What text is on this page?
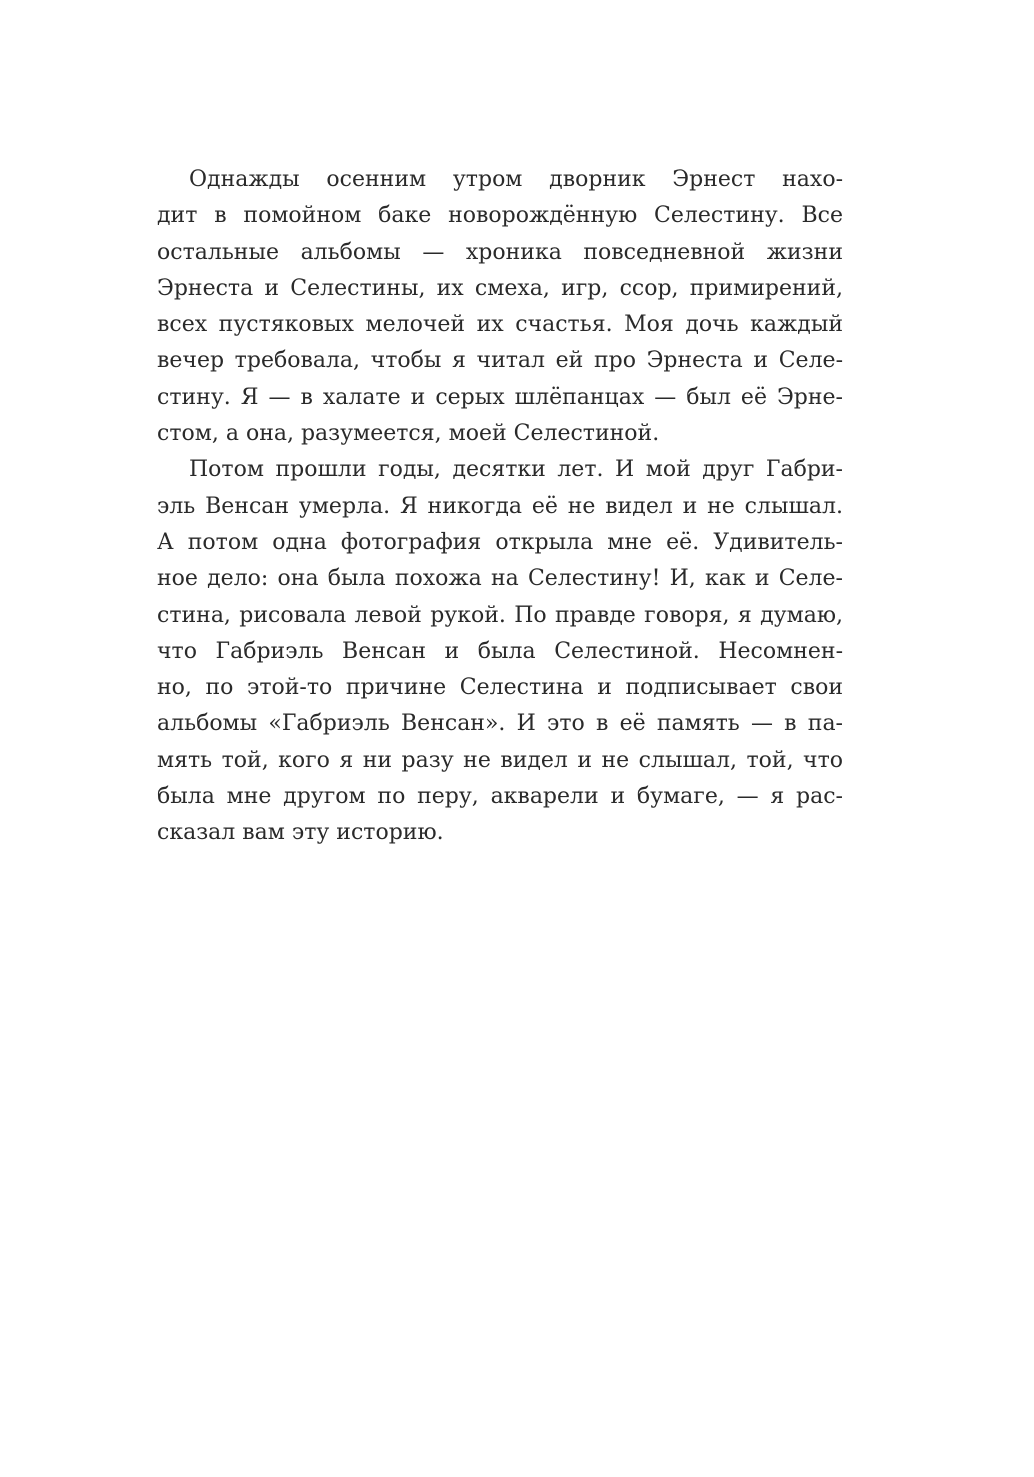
Однажды осенним утром дворник Эрнест нахо-
дит в помойном баке новорождённую Селестину. Все
остальные альбомы — хроника повседневной жизни
Эрнеста и Селестины, их смеха, игр, ссор, примирений,
всех пустяковых мелочей их счастья. Моя дочь каждый
вечер требовала, чтобы я читал ей про Эрнеста и Селе-
стину. Я — в халате и серых шлёпанцах — был её Эрне-
стом, а она, разумеется, моей Селестиной.
Потом прошли годы, десятки лет. И мой друг Габри-
эль Венсан умерла. Я никогда её не видел и не слышал.
А потом одна фотография открыла мне её. Удивитель-
ное дело: она была похожа на Селестину! И, как и Селе-
стина, рисовала левой рукой. По правде говоря, я думаю,
что Габриэль Венсан и была Селестиной. Несомнен-
но, по этой-то причине Селестина и подписывает свои
альбомы «Габриэль Венсан». И это в её память — в па-
мять той, кого я ни разу не видел и не слышал, той, что
была мне другом по перу, акварели и бумаге, — я рас-
сказал вам эту историю.
